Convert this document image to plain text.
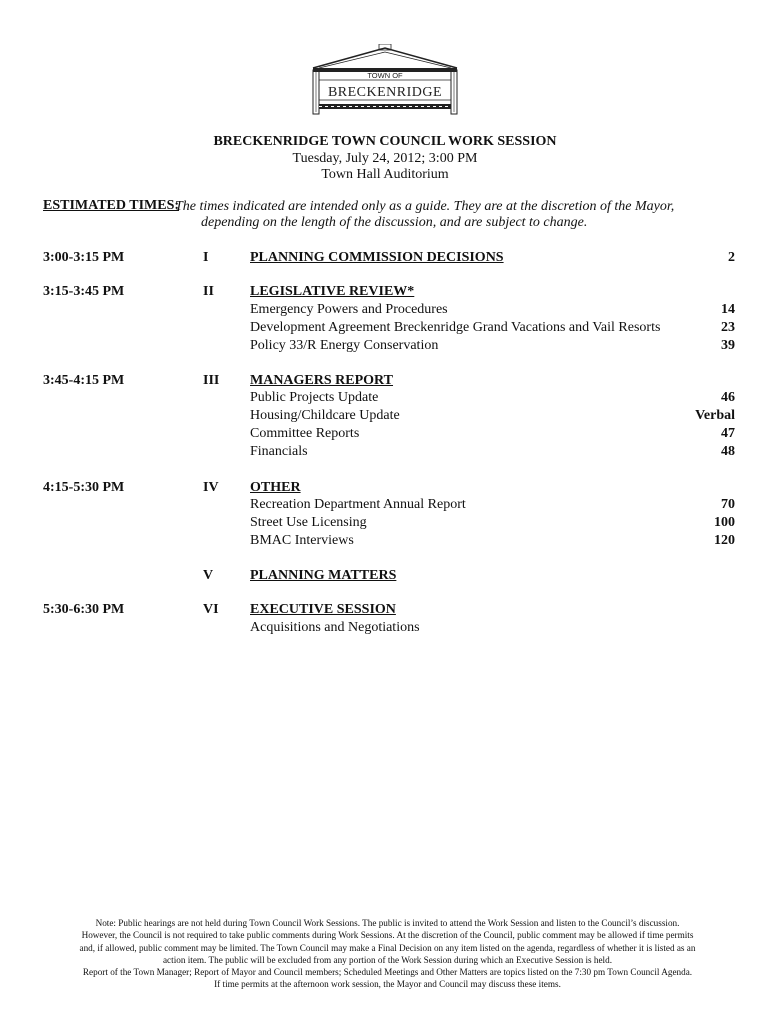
TOWN OF
BRECKENRIDGE
BRECKENRIDGE TOWN COUNCIL WORK SESSION
Tuesday, July 24, 2012; 3:00 PM
Town Hall Auditorium
ESTIMATED TIMES:
The times indicated are intended only as a guide. They are at the discretion of the Mayor,
depending on the length of the discussion, and are subject to change.
3:00-3:15 PM	I	PLANNING COMMISSION DECISIONS	2
3:15-3:45 PM	II	LEGISLATIVE REVIEW*
Emergency Powers and Procedures	14
Development Agreement Breckenridge Grand Vacations and Vail Resorts	23
Policy 33/R Energy Conservation	39
3:45-4:15 PM	III MANAGERS REPORT
Public Projects Update	46
Housing/Childcare Update	Verbal
Committee Reports	47
Financials	48
4:15-5:30 PM	IV OTHER
Recreation Department Annual Report	70
Street Use Licensing	100
BMAC Interviews	120
V	PLANNING MATTERS
5:30-6:30 PM	VI EXECUTIVE SESSION
Acquisitions and Negotiations
Note: Public hearings are not held during Town Council Work Sessions. The public is invited to attend the Work Session and listen to the Council’s discussion.
However, the Council is not required to take public comments during Work Sessions. At the discretion of the Council, public comment may be allowed if time permits
and, if allowed, public comment may be limited. The Town Council may make a Final Decision on any item listed on the agenda, regardless of whether it is listed as an
action item. The public will be excluded from any portion of the Work Session during which an Executive Session is held.
Report of the Town Manager; Report of Mayor and Council members; Scheduled Meetings and Other Matters are topics listed on the 7:30 pm Town Council Agenda.
If time permits at the afternoon work session, the Mayor and Council may discuss these items.
